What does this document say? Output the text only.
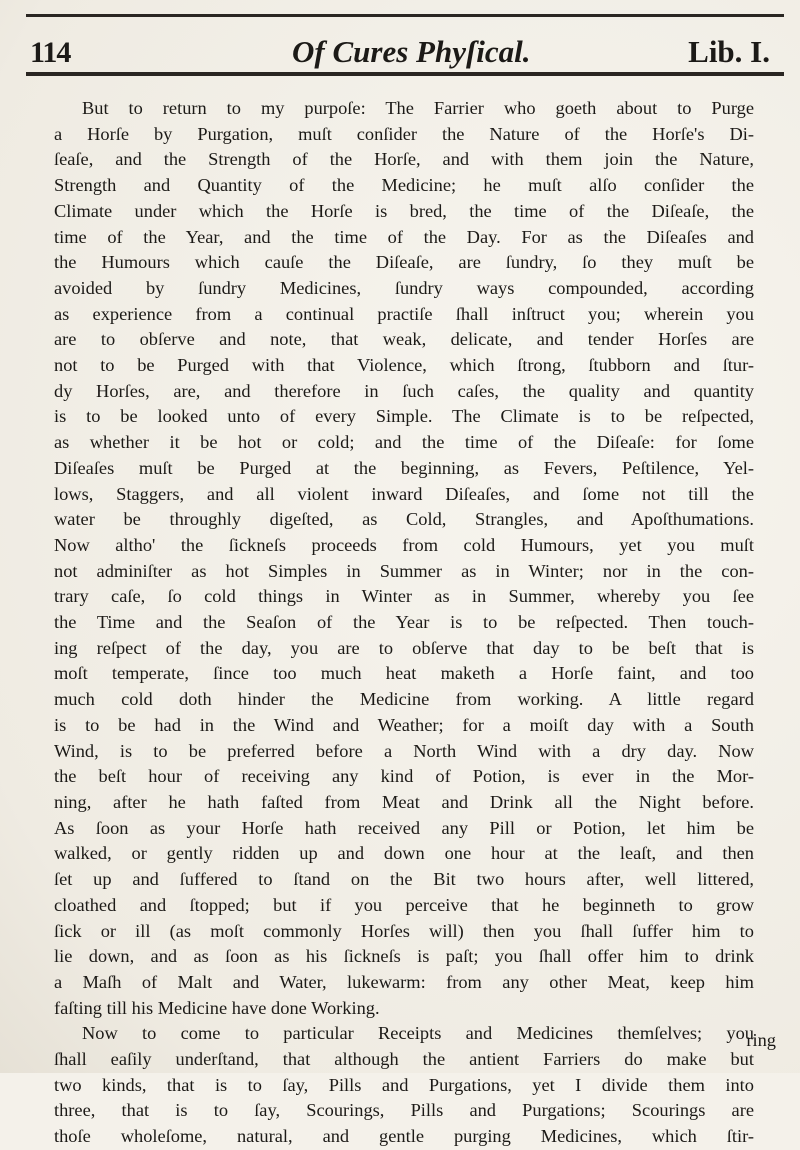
114	Of Cures Phyſical.	Lib. I.
But to return to my purpoſe: The Farrier who goeth about to Purge
a Horſe by Purgation, muſt conſider the Nature of the Horſe's Di-
ſeaſe, and the Strength of the Horſe, and with them join the Nature,
Strength and Quantity of the Medicine; he muſt alſo conſider the
Climate under which the Horſe is bred, the time of the Diſeaſe, the
time of the Year, and the time of the Day. For as the Diſeaſes and
the Humours which cauſe the Diſeaſe, are ſundry, ſo they muſt be
avoided by ſundry Medicines, ſundry ways compounded, according
as experience from a continual practiſe ſhall inſtruct you; wherein you
are to obſerve and note, that weak, delicate, and tender Horſes are
not to be Purged with that Violence, which ſtrong, ſtubborn and ſtur-
dy Horſes, are, and therefore in ſuch caſes, the quality and quantity
is to be looked unto of every Simple. The Climate is to be reſpected,
as whether it be hot or cold; and the time of the Diſeaſe: for ſome
Diſeaſes muſt be Purged at the beginning, as Fevers, Peſtilence, Yel-
lows, Staggers, and all violent inward Diſeaſes, and ſome not till the
water be throughly digeſted, as Cold, Strangles, and Apoſthumations.
Now altho' the ſickneſs proceeds from cold Humours, yet you muſt
not adminiſter as hot Simples in Summer as in Winter; nor in the con-
trary caſe, ſo cold things in Winter as in Summer, whereby you ſee
the Time and the Seaſon of the Year is to be reſpected. Then touch-
ing reſpect of the day, you are to obſerve that day to be beſt that is
moſt temperate, ſince too much heat maketh a Horſe faint, and too
much cold doth hinder the Medicine from working. A little regard
is to be had in the Wind and Weather; for a moiſt day with a South
Wind, is to be preferred before a North Wind with a dry day. Now
the beſt hour of receiving any kind of Potion, is ever in the Mor-
ning, after he hath faſted from Meat and Drink all the Night before.
As ſoon as your Horſe hath received any Pill or Potion, let him be
walked, or gently ridden up and down one hour at the leaſt, and then
ſet up and ſuffered to ſtand on the Bit two hours after, well littered,
cloathed and ſtopped; but if you perceive that he beginneth to grow
ſick or ill (as moſt commonly Horſes will) then you ſhall ſuffer him to
lie down, and as ſoon as his ſickneſs is paſt; you ſhall offer him to drink
a Maſh of Malt and Water, lukewarm: from any other Meat, keep him
faſting till his Medicine have done Working.
Now to come to particular Receipts and Medicines themſelves; you
ſhall eaſily underſtand, that although the antient Farriers do make but
two kinds, that is to ſay, Pills and Purgations, yet I divide them into
three, that is to ſay, Scourings, Pills and Purgations; Scourings are
thoſe wholeſome, natural, and gentle purging Medicines, which ſtir-
ring
